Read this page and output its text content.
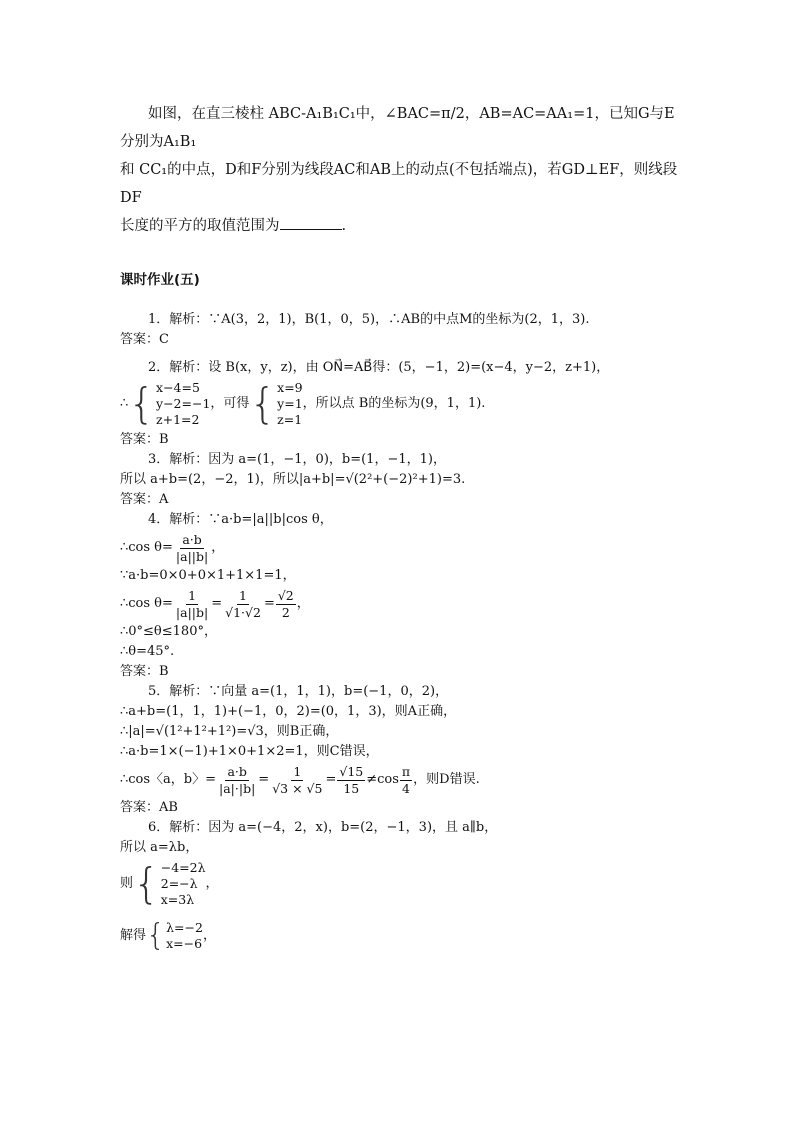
如图，在直三棱柱 ABC-A₁B₁C₁中，∠BAC=π/2，AB=AC=AA₁=1，已知G与E分别为A₁B₁

和 CC₁的中点，D和F分别为线段AC和AB上的动点(不包括端点)，若GD⊥EF，则线段DF
长度的平方的取值范围为	.
课时作业(五)
1．解析：∵A(3，2，1)，B(1，0，5)，∴AB的中点M的坐标为(2，1，3).
答案：C
2．解析：设 B(x，y，z)，由 ON⃗=AB⃗得：(5，−1，2)=(x−4，y−2，z+1)，
∴ { x−4=5
y−2=−1
z+1=2
，可得 { x=9
y=1
z=1
，所以点 B的坐标为(9，1，1).
答案：B
3．解析：因为 a=(1，−1，0)，b=(1，−1，1)，
所以 a+b=(2，−2，1)，所以|a+b|=√(2²+(−2)²+1)=3.
答案：A
4．解析：∵a·b=|a||b|cos θ，
∴cos $\theta= \frac{a\cdot b}{|a||b|}$ ，
∵a·b=0×0+0×1+1×1=1，
∴cos $\theta= \frac{1}{|a||b|} = \frac{1}{√1\cdot√2} = \frac{√2}{2}$ ，
∴0°≤θ≤180°，
∴θ=45°.
答案：B
5．解析：∵向量 a=(1，1，1)，b=(−1，0，2)，
∴a+b=(1，1，1)+(−1，0，2)=(0，1，3)，则A正确，
∴|a|=√(1²+1²+1²)=√3，则B正确，
∴a·b=1×(−1)+1×0+1×2=1，则C错误，
∴cos〈a，b〉= $\frac{a\cdot b}{|a|\cdot|b|} = \frac{1}{√3 \times √5} = \frac{√15}{15} \ne\cos \frac{\pi}{4}$ ，则D错误.
答案：AB
6．解析：因为 a=(−4，2，x)，b=(2，−1，3)，且 a∥b，
所以 a=λb，
则 { −4=2λ
2=−λ
x=3λ
，
解得 { λ=−2
x=−6
，
